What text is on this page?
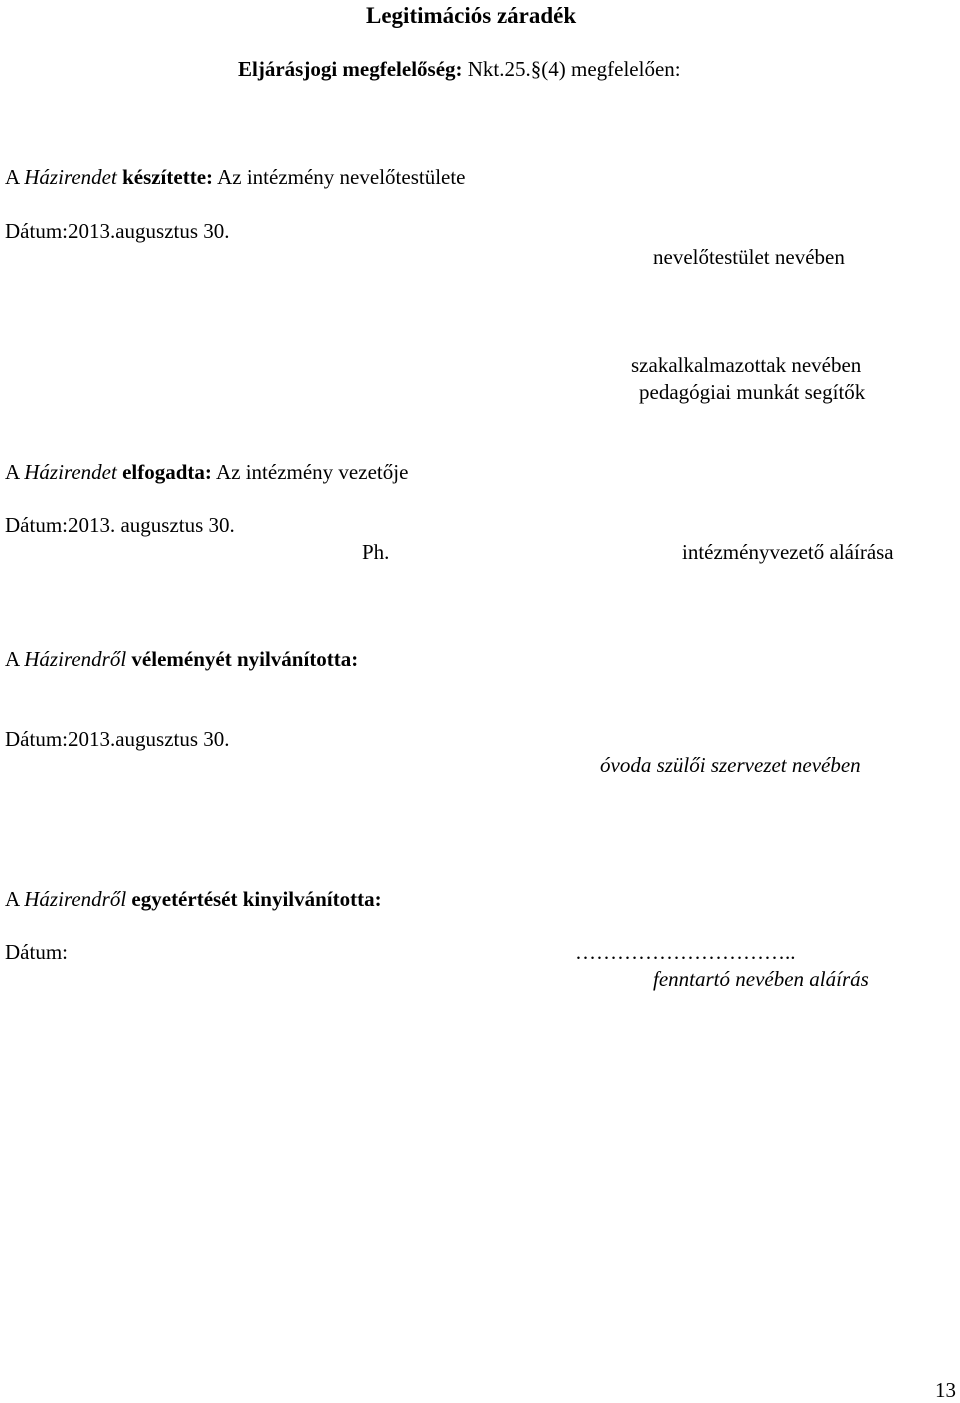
Legitimációs záradék
Eljárásjogi megfelelőség: Nkt.25.§(4) megfelelően:
A Házirendet készítette: Az intézmény nevelőtestülete
Dátum:2013.augusztus 30.
nevelőtestület nevében
szakalkalmazottak nevében
pedagógiai munkát segítők
A Házirendet elfogadta: Az intézmény vezetője
Dátum:2013. augusztus 30.
Ph.	intézményvezető aláírása
A Házirendről véleményét nyilvánította:
Dátum:2013.augusztus 30.
óvoda szülői szervezet nevében
A Házirendről egyetértését kinyilvánította:
Dátum:	…………………………..
fenntartó nevében aláírás
13
